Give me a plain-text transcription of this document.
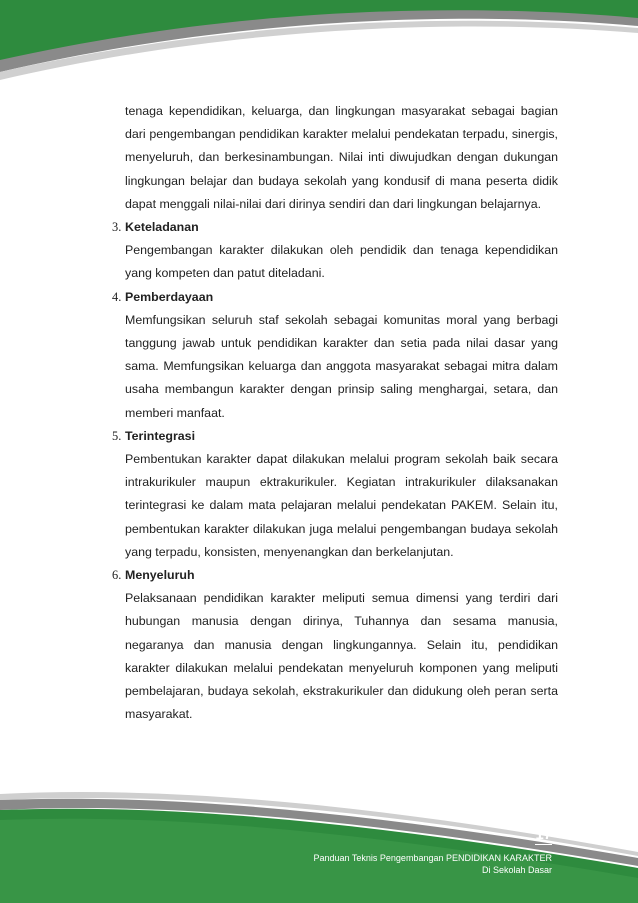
tenaga kependidikan, keluarga, dan lingkungan masyarakat sebagai bagian dari pengembangan pendidikan karakter melalui pendekatan terpadu, sinergis, menyeluruh, dan berkesinambungan. Nilai inti diwujudkan dengan dukungan lingkungan belajar dan budaya sekolah yang kondusif di mana peserta didik dapat menggali nilai-nilai dari dirinya sendiri dan dari lingkungan belajarnya.

3. Keteladanan

Pengembangan karakter dilakukan oleh pendidik dan tenaga kependidikan yang kompeten dan patut diteladani.

4. Pemberdayaan

Memfungsikan seluruh staf sekolah sebagai komunitas moral yang berbagi tanggung jawab untuk pendidikan karakter dan setia pada nilai dasar yang sama. Memfungsikan keluarga dan anggota masyarakat sebagai mitra dalam usaha membangun karakter dengan prinsip saling menghargai, setara, dan memberi manfaat.

5. Terintegrasi

Pembentukan karakter dapat dilakukan melalui program sekolah baik secara intrakurikuler maupun ektrakurikuler. Kegiatan intrakurikuler dilaksanakan terintegrasi ke dalam mata pelajaran melalui pendekatan PAKEM. Selain itu, pembentukan karakter dilakukan juga melalui pengembangan budaya sekolah yang terpadu, konsisten, menyenangkan dan berkelanjutan.

6. Menyeluruh

Pelaksanaan pendidikan karakter meliputi semua dimensi yang terdiri dari hubungan manusia dengan dirinya, Tuhannya dan sesama manusia, negaranya dan manusia dengan lingkungannya. Selain itu, pendidikan karakter dilakukan melalui pendekatan menyeluruh komponen yang meliputi pembelajaran, budaya sekolah, ekstrakurikuler dan didukung oleh peran serta masyarakat.

17
Panduan Teknis Pengembangan PENDIDIKAN KARAKTER
Di Sekolah Dasar
